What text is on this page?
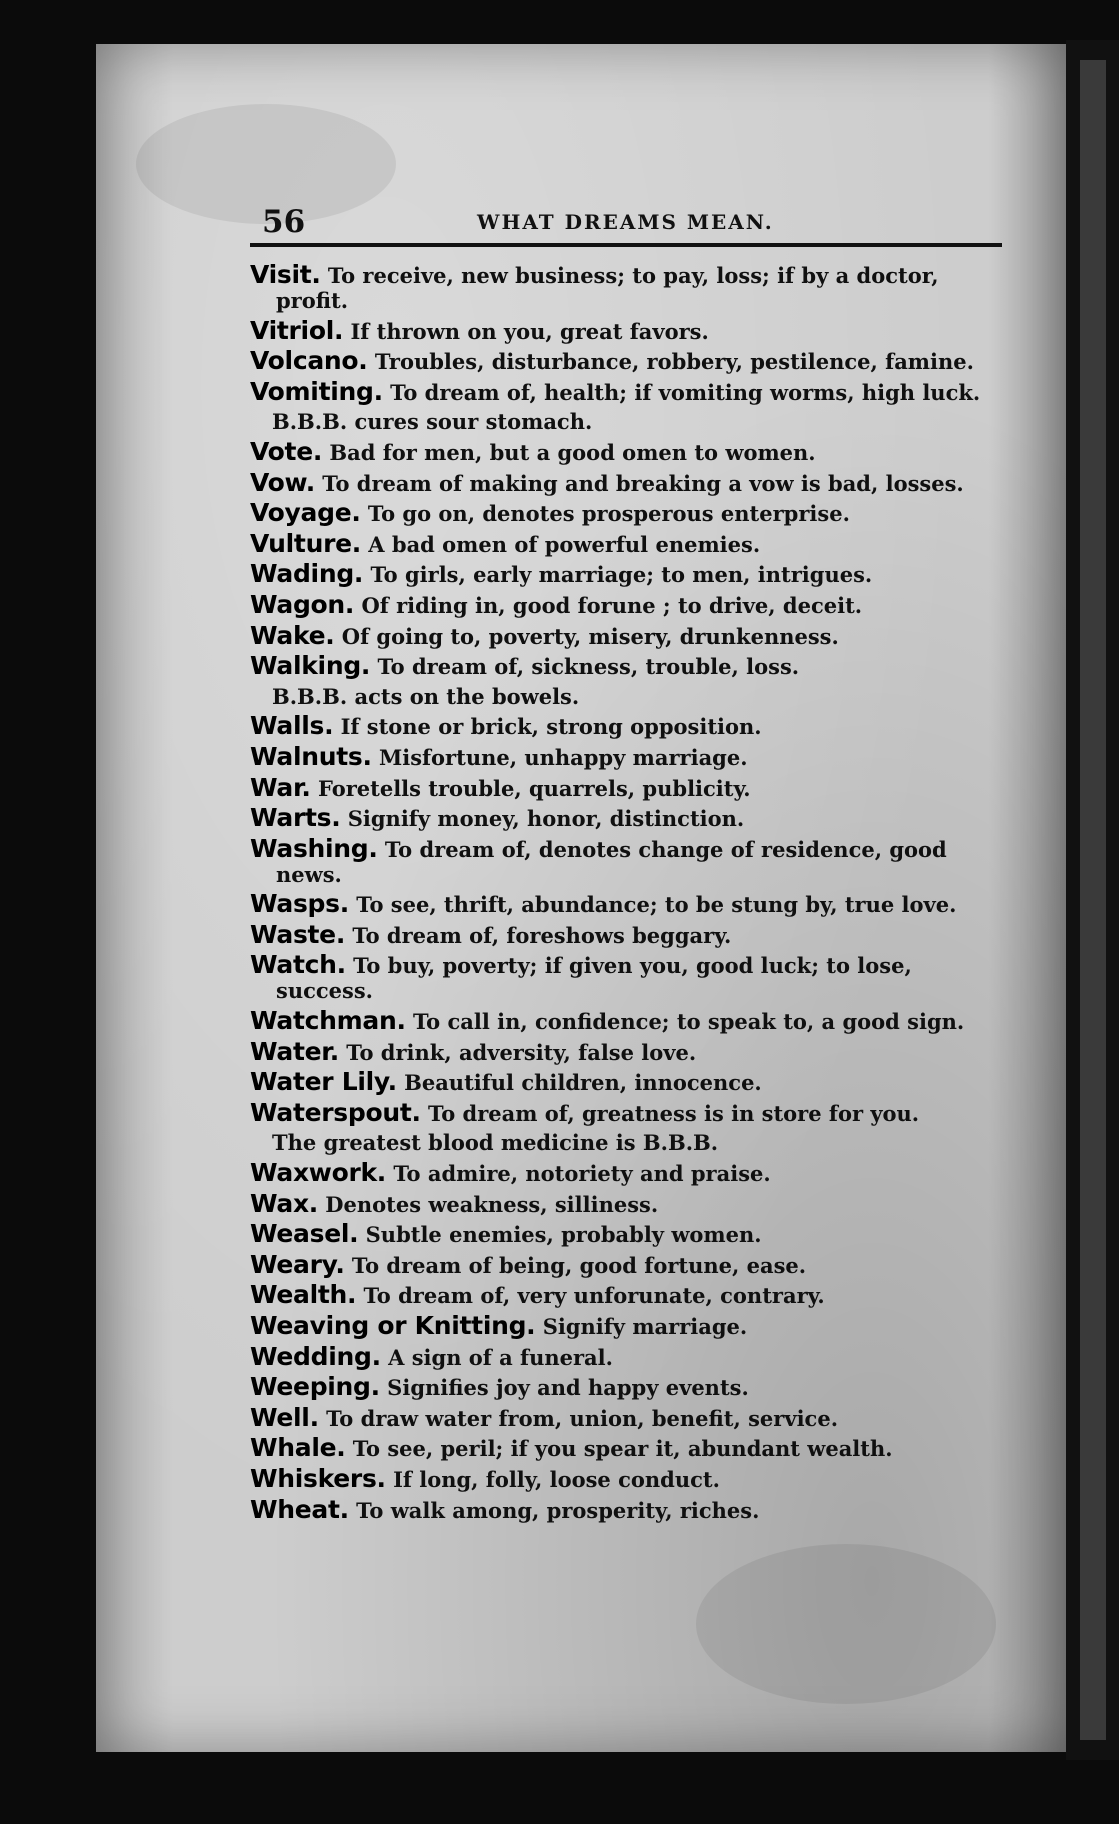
56	WHAT DREAMS MEAN.
Visit. To receive, new business; to pay, loss; if by a doctor, profit.
Vitriol. If thrown on you, great favors.
Volcano. Troubles, disturbance, robbery, pestilence, famine.
Vomiting. To dream of, health; if vomiting worms, high luck.
B.B.B. cures sour stomach.
Vote. Bad for men, but a good omen to women.
Vow. To dream of making and breaking a vow is bad, losses.
Voyage. To go on, denotes prosperous enterprise.
Vulture. A bad omen of powerful enemies.
Wading. To girls, early marriage; to men, intrigues.
Wagon. Of riding in, good forune ; to drive, deceit.
Wake. Of going to, poverty, misery, drunkenness.
Walking. To dream of, sickness, trouble, loss.
B.B.B. acts on the bowels.
Walls. If stone or brick, strong opposition.
Walnuts. Misfortune, unhappy marriage.
War. Foretells trouble, quarrels, publicity.
Warts. Signify money, honor, distinction.
Washing. To dream of, denotes change of residence, good news.
Wasps. To see, thrift, abundance; to be stung by, true love.
Waste. To dream of, foreshows beggary.
Watch. To buy, poverty; if given you, good luck; to lose, success.
Watchman. To call in, confidence; to speak to, a good sign.
Water. To drink, adversity, false love.
Water Lily. Beautiful children, innocence.
Waterspout. To dream of, greatness is in store for you.
The greatest blood medicine is B.B.B.
Waxwork. To admire, notoriety and praise.
Wax. Denotes weakness, silliness.
Weasel. Subtle enemies, probably women.
Weary. To dream of being, good fortune, ease.
Wealth. To dream of, very unforunate, contrary.
Weaving or Knitting. Signify marriage.
Wedding. A sign of a funeral.
Weeping. Signifies joy and happy events.
Well. To draw water from, union, benefit, service.
Whale. To see, peril; if you spear it, abundant wealth.
Whiskers. If long, folly, loose conduct.
Wheat. To walk among, prosperity, riches.
